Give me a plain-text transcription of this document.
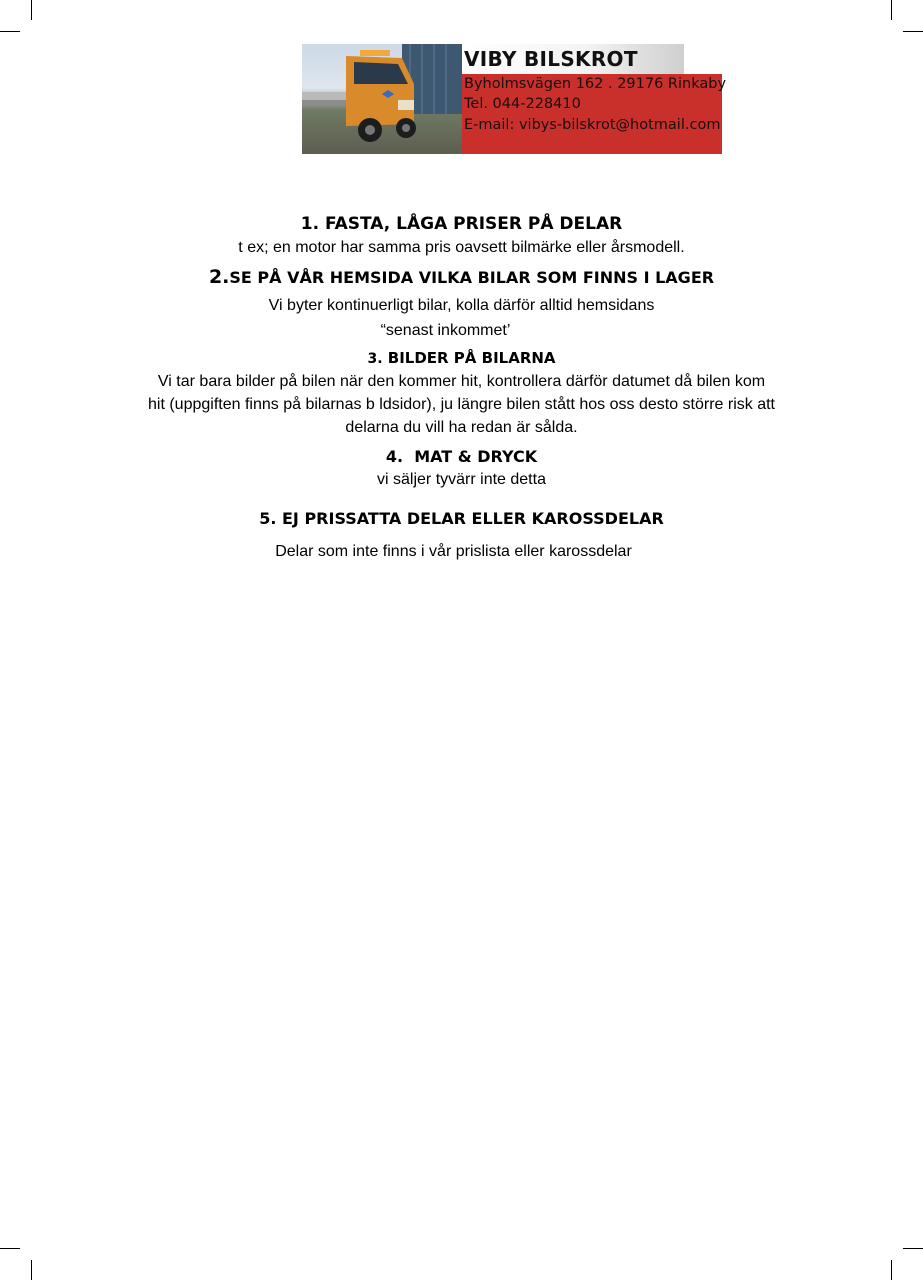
VIBY BILSKROT
Byholmsvägen 162 . 29176 Rinkaby
Tel. 044-228410
E-mail: vibys-bilskrot@hotmail.com
1. FASTA, LÅGA PRISER PÅ DELAR
t ex; en motor har samma pris oavsett bilmärke eller årsmodell.
2.SE PÅ VÅR HEMSIDA VILKA BILAR SOM FINNS I LAGER
Vi byter kontinuerligt bilar, kolla därför alltid hemsidans
“senast inkommet’
3. BILDER PÅ BILARNA
Vi tar bara bilder på bilen när den kommer hit, kontrollera därför datumet då bilen kom
hit (uppgiften finns på bilarnas b ldsidor), ju längre bilen stått hos oss desto större risk att
delarna du vill ha redan är sålda.
4. MAT & DRYCK
vi säljer tyvärr inte detta
5. EJ PRISSATTA DELAR ELLER KAROSSDELAR
Delar som inte finns i vår prislista eller karossdelar
